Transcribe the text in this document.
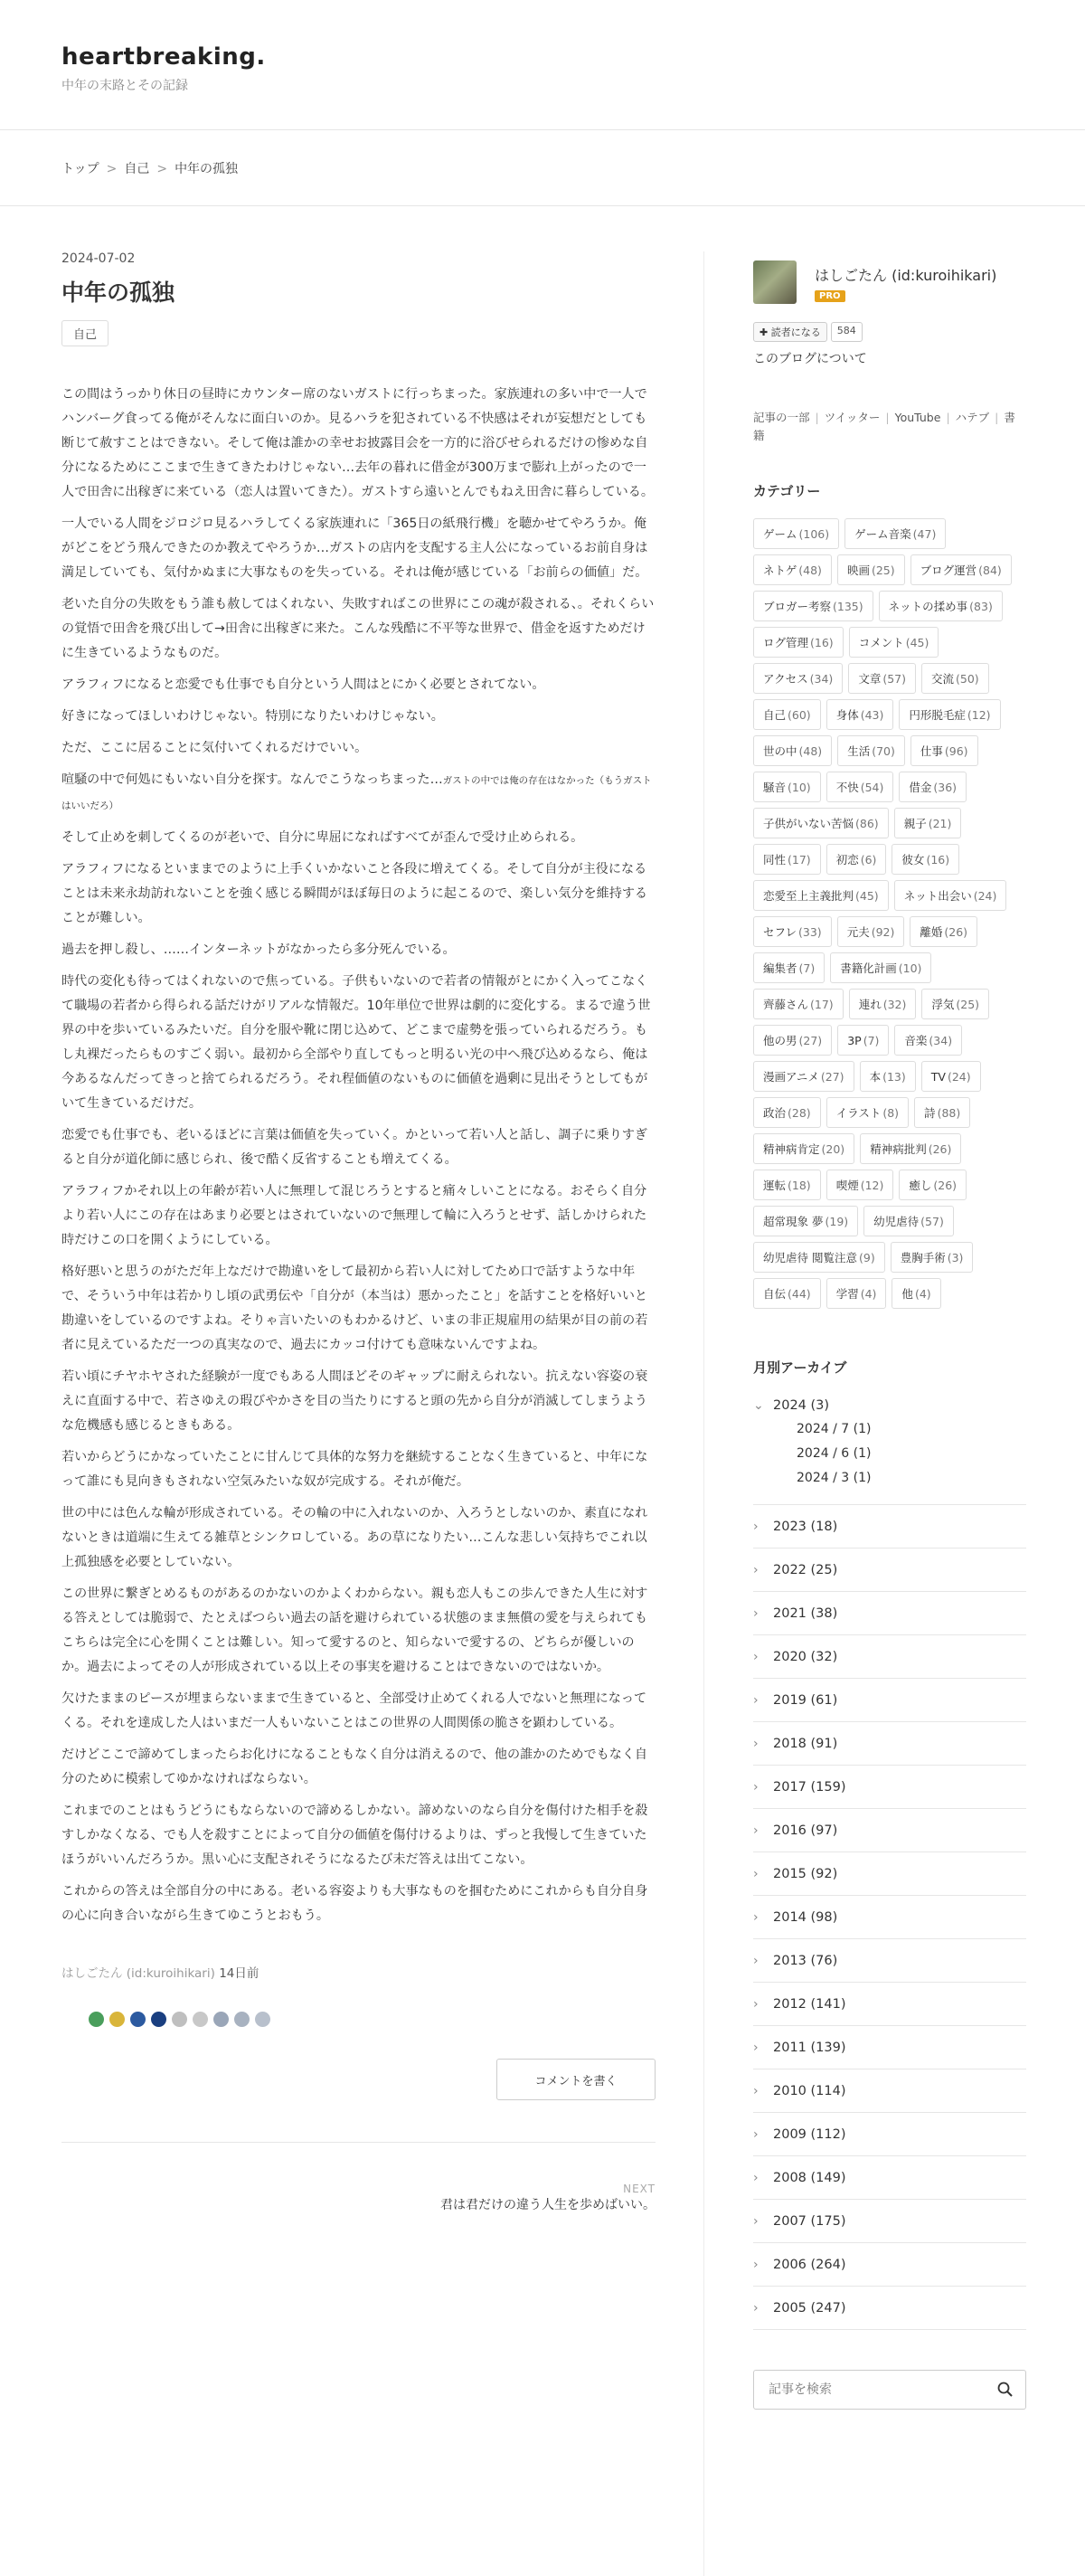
heartbreaking.
中年の末路とその記録
トップ > 自己 > 中年の孤独
2024-07-02
中年の孤独
自己

この間はうっかり休日の昼時にカウンター席のないガストに行っちまった。家族連れの多い中で一人でハンバーグ食ってる俺がそんなに面白いのか。見るハラを犯されている不快感はそれが妄想だとしても断じて赦すことはできない。そして俺は誰かの幸せお披露目会を一方的に浴びせられるだけの惨めな自分になるためにここまで生きてきたわけじゃない…去年の暮れに借金が300万まで膨れ上がったので一人で田舎に出稼ぎに来ている（恋人は置いてきた）。ガストすら遠いとんでもねえ田舎に暮らしている。

一人でいる人間をジロジロ見るハラしてくる家族連れに「365日の紙飛行機」を聴かせてやろうか。俺がどこをどう飛んできたのか教えてやろうか…ガストの店内を支配する主人公になっているお前自身は満足していても、気付かぬまに大事なものを失っている。それは俺が感じている「お前らの価値」だ。

老いた自分の失敗をもう誰も赦してはくれない、失敗すればこの世界にこの魂が殺される、。それくらいの覚悟で田舎を飛び出して→田舎に出稼ぎに来た。こんな残酷に不平等な世界で、借金を返すためだけに生きているようなものだ。

アラフィフになると恋愛でも仕事でも自分という人間はとにかく必要とされてない。

好きになってほしいわけじゃない。特別になりたいわけじゃない。

ただ、ここに居ることに気付いてくれるだけでいい。

喧騒の中で何処にもいない自分を探す。なんでこうなっちまった…ガストの中では俺の存在はなかった（もうガストはいいだろ）

そして止めを刺してくるのが老いで、自分に卑屈になればすべてが歪んで受け止められる。

アラフィフになるといままでのように上手くいかないこと各段に増えてくる。そして自分が主役になることは未来永劫訪れないことを強く感じる瞬間がほぼ毎日のように起こるので、楽しい気分を維持することが難しい。

過去を押し殺し、……インターネットがなかったら多分死んでいる。

時代の変化も待ってはくれないので焦っている。子供もいないので若者の情報がとにかく入ってこなくて職場の若者から得られる話だけがリアルな情報だ。10年単位で世界は劇的に変化する。まるで違う世界の中を歩いているみたいだ。自分を服や靴に閉じ込めて、どこまで虚勢を張っていられるだろう。もし丸裸だったらものすごく弱い。最初から全部やり直してもっと明るい光の中へ飛び込めるなら、俺は今あるなんだってきっと捨てられるだろう。それ程価値のないものに価値を過剰に見出そうとしてもがいて生きているだけだ。

恋愛でも仕事でも、老いるほどに言葉は価値を失っていく。かといって若い人と話し、調子に乗りすぎると自分が道化師に感じられ、後で酷く反省することも増えてくる。

アラフィフかそれ以上の年齢が若い人に無理して混じろうとすると痛々しいことになる。おそらく自分より若い人にこの存在はあまり必要とはされていないので無理して輪に入ろうとせず、話しかけられた時だけこの口を開くようにしている。

格好悪いと思うのがただ年上なだけで勘違いをして最初から若い人に対してため口で話すような中年で、そういう中年は若かりし頃の武勇伝や「自分が（本当は）悪かったこと」を話すことを格好いいと勘違いをしているのですよね。そりゃ言いたいのもわかるけど、いまの非正規雇用の結果が目の前の若者に見えているただ一つの真実なので、過去にカッコ付けても意味ないんですよね。

若い頃にチヤホヤされた経験が一度でもある人間ほどそのギャップに耐えられない。抗えない容姿の衰えに直面する中で、若さゆえの瑕びやかさを目の当たりにすると頭の先から自分が消滅してしまうような危機感も感じるときもある。

若いからどうにかなっていたことに甘んじて具体的な努力を継続することなく生きていると、中年になって誰にも見向きもされない空気みたいな奴が完成する。それが俺だ。

世の中には色んな輪が形成されている。その輪の中に入れないのか、入ろうとしないのか、素直になれないときは道端に生えてる雑草とシンクロしている。あの草になりたい…こんな悲しい気持ちでこれ以上孤独感を必要としていない。

この世界に繋ぎとめるものがあるのかないのかよくわからない。親も恋人もこの歩んできた人生に対する答えとしては脆弱で、たとえばつらい過去の話を避けられている状態のまま無償の愛を与えられてもこちらは完全に心を開くことは難しい。知って愛するのと、知らないで愛するの、どちらが優しいのか。過去によってその人が形成されている以上その事実を避けることはできないのではないか。

欠けたままのピースが埋まらないままで生きていると、全部受け止めてくれる人でないと無理になってくる。それを達成した人はいまだ一人もいないことはこの世界の人間関係の脆さを顕わしている。

だけどここで諦めてしまったらお化けになることもなく自分は消えるので、他の誰かのためでもなく自分のために模索してゆかなければならない。

これまでのことはもうどうにもならないので諦めるしかない。諦めないのなら自分を傷付けた相手を殺すしかなくなる、でも人を殺すことによって自分の価値を傷付けるよりは、ずっと我慢して生きていたほうがいいんだろうか。黒い心に支配されそうになるたび未だ答えは出てこない。

これからの答えは全部自分の中にある。老いる容姿よりも大事なものを掴むためにこれからも自分自身の心に向き合いながら生きてゆこうとおもう。

はしごたん (id:kuroihikari) 14日前
コメントを書く
NEXT
君は君だけの違う人生を歩めばいい。
はしごたん (id:kuroihikari)
PRO
✚ 読者になる	584
このブログについて
記事の一部 | ツイッター | YouTube | ハテブ | 書籍
カテゴリー
ゲーム (106) ゲーム音楽 (47)
ネトゲ (48) 映画 (25) ブログ運営 (84)
ブロガー考察 (135) ネットの揉め事 (83)
ログ管理 (16) コメント (45)
アクセス (34) 文章 (57) 交流 (50)
自己 (60) 身体 (43) 円形脱毛症 (12)
世の中 (48) 生活 (70) 仕事 (96)
騒音 (10) 不快 (54) 借金 (36)
子供がいない苦悩 (86) 親子 (21)
同性 (17) 初恋 (6) 彼女 (16)
恋愛至上主義批判 (45) ネット出会い (24)
セフレ (33) 元夫 (92) 離婚 (26)
編集者 (7) 書籍化計画 (10)
齊藤さん (17) 連れ (32) 浮気 (25)
他の男 (27) 3P (7) 音楽 (34)
漫画アニメ (27) 本 (13) TV (24)
政治 (28) イラスト (8) 詩 (88)
精神病肯定 (20) 精神病批判 (26)
運転 (18) 喫煙 (12) 癒し (26)
超常現象 夢 (19) 幼児虐待 (57)
幼児虐待 閲覧注意 (9) 豊胸手術 (3)
自伝 (44) 学習 (4) 他 (4)
月別アーカイブ
⌄ 2024 (3)
2024 / 7 (1)
2024 / 6 (1)
2024 / 3 (1)
›	2023 (18)
›	2022 (25)
›	2021 (38)
›	2020 (32)
›	2019 (61)
›	2018 (91)
›	2017 (159)
›	2016 (97)
›	2015 (92)
›	2014 (98)
›	2013 (76)
›	2012 (141)
›	2011 (139)
›	2010 (114)
›	2009 (112)
›	2008 (149)
›	2007 (175)
›	2006 (264)
›	2005 (247)
記事を検索
